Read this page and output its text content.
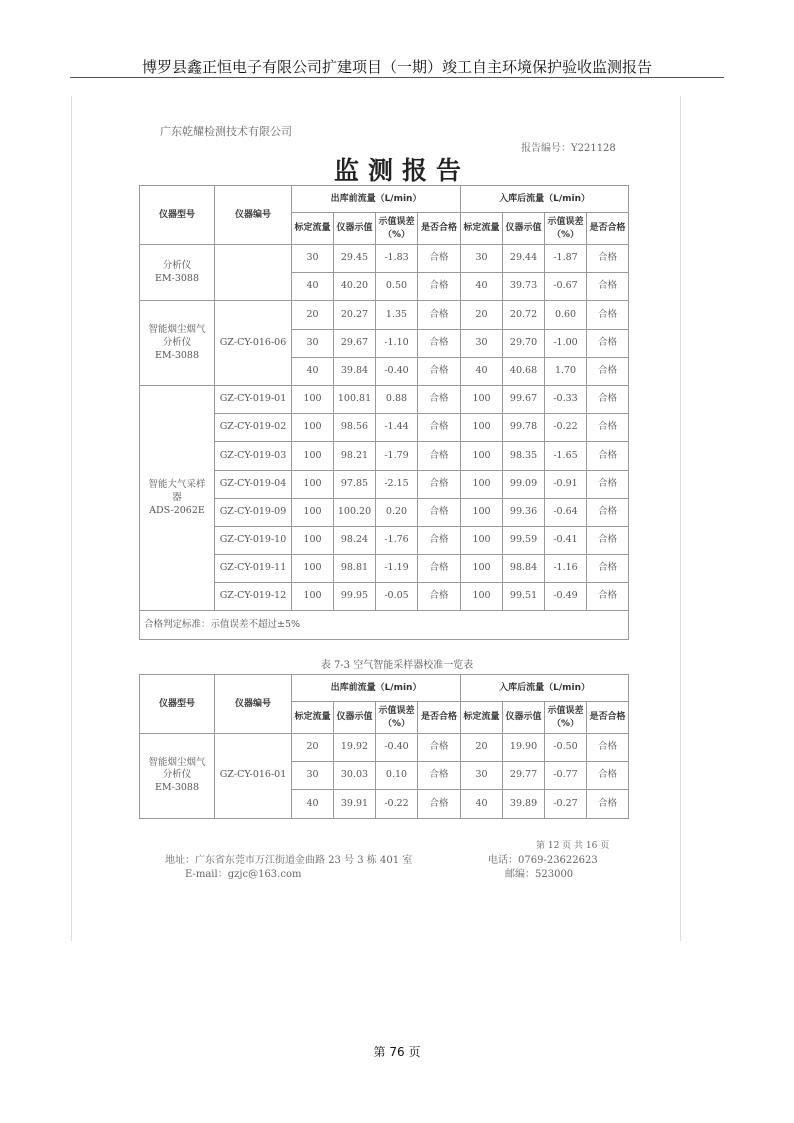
博罗县鑫正恒电子有限公司扩建项目（一期）竣工自主环境保护验收监测报告
广东乾耀检测技术有限公司
报告编号：Y221128
监测报告
仪器型号	仪器编号	出库前流量（L/min）				入库后流量（L/min）			
		标定流量	仪器示值	示值误差（%）	是否合格	标定流量	仪器示值	示值误差（%）	是否合格
分析仪
EM-3088		30	29.45	-1.83	合格	30	29.44	-1.87	合格
		40	40.20	0.50	合格	40	39.73	-0.67	合格
智能烟尘烟气
分析仪
EM-3088	GZ-CY-016-06	20	20.27	1.35	合格	20	20.72	0.60	合格
		30	29.67	-1.10	合格	30	29.70	-1.00	合格
		40	39.84	-0.40	合格	40	40.68	1.70	合格
智能大气采样
器
ADS-2062E	GZ-CY-019-01	100	100.81	0.88	合格	100	99.67	-0.33	合格
	GZ-CY-019-02	100	98.56	-1.44	合格	100	99.78	-0.22	合格
	GZ-CY-019-03	100	98.21	-1.79	合格	100	98.35	-1.65	合格
	GZ-CY-019-04	100	97.85	-2.15	合格	100	99.09	-0.91	合格
	GZ-CY-019-09	100	100.20	0.20	合格	100	99.36	-0.64	合格
	GZ-CY-019-10	100	98.24	-1.76	合格	100	99.59	-0.41	合格
	GZ-CY-019-11	100	98.81	-1.19	合格	100	98.84	-1.16	合格
	GZ-CY-019-12	100	99.95	-0.05	合格	100	99.51	-0.49	合格
合格判定标准：示值误差不超过±5%									
表 7-3 空气智能采样器校准一览表
仪器型号	仪器编号	出库前流量（L/min）				入库后流量（L/min）			
		标定流量	仪器示值	示值误差（%）	是否合格	标定流量	仪器示值	示值误差（%）	是否合格
智能烟尘烟气
分析仪
EM-3088	GZ-CY-016-01	20	19.92	-0.40	合格	20	19.90	-0.50	合格
		30	30.03	0.10	合格	30	29.77	-0.77	合格
		40	39.91	-0.22	合格	40	39.89	-0.27	合格
第 12 页 共 16 页
地址：广东省东莞市万江街道金曲路 23 号 3 栋 401 室	电话：0769-23622623
E-mail：gzjc@163.com	邮编：523000
第 76 页
